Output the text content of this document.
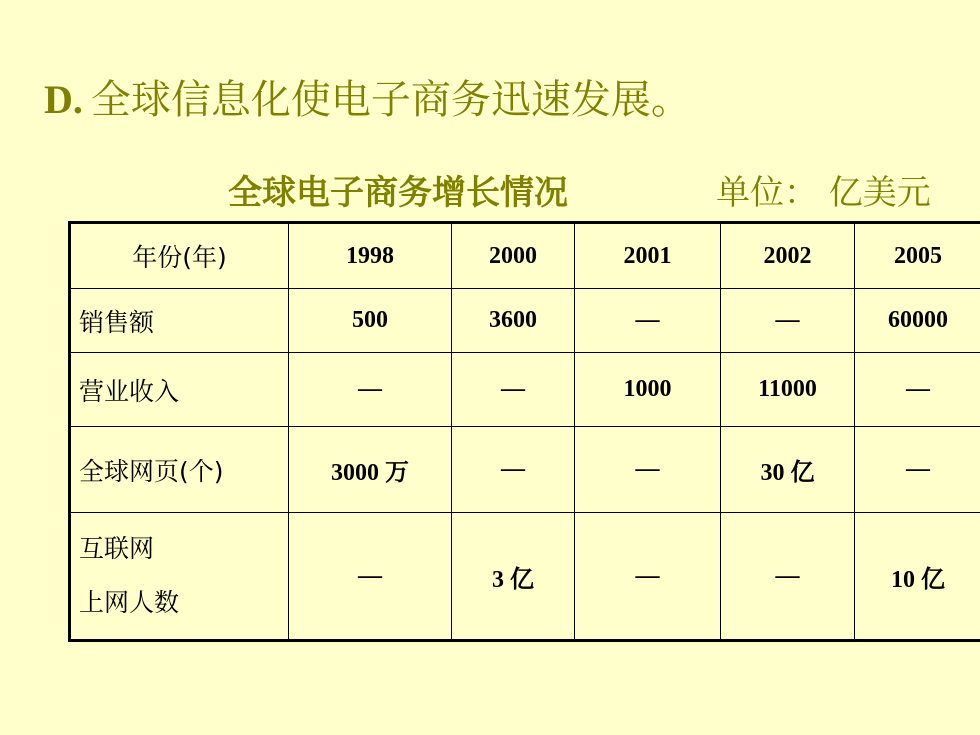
D. 全球信息化使电子商务迅速发展。
全球电子商务增长情况	单位： 亿美元
年份(年)	1998	2000	2001	2002	2005
销售额	500	3600	—	—	60000
营业收入	—	—	1000	11000	—
全球网页(个)	3000 万	—	—	30 亿	—

互联网
上网人数	—	3 亿	—	—	10 亿
